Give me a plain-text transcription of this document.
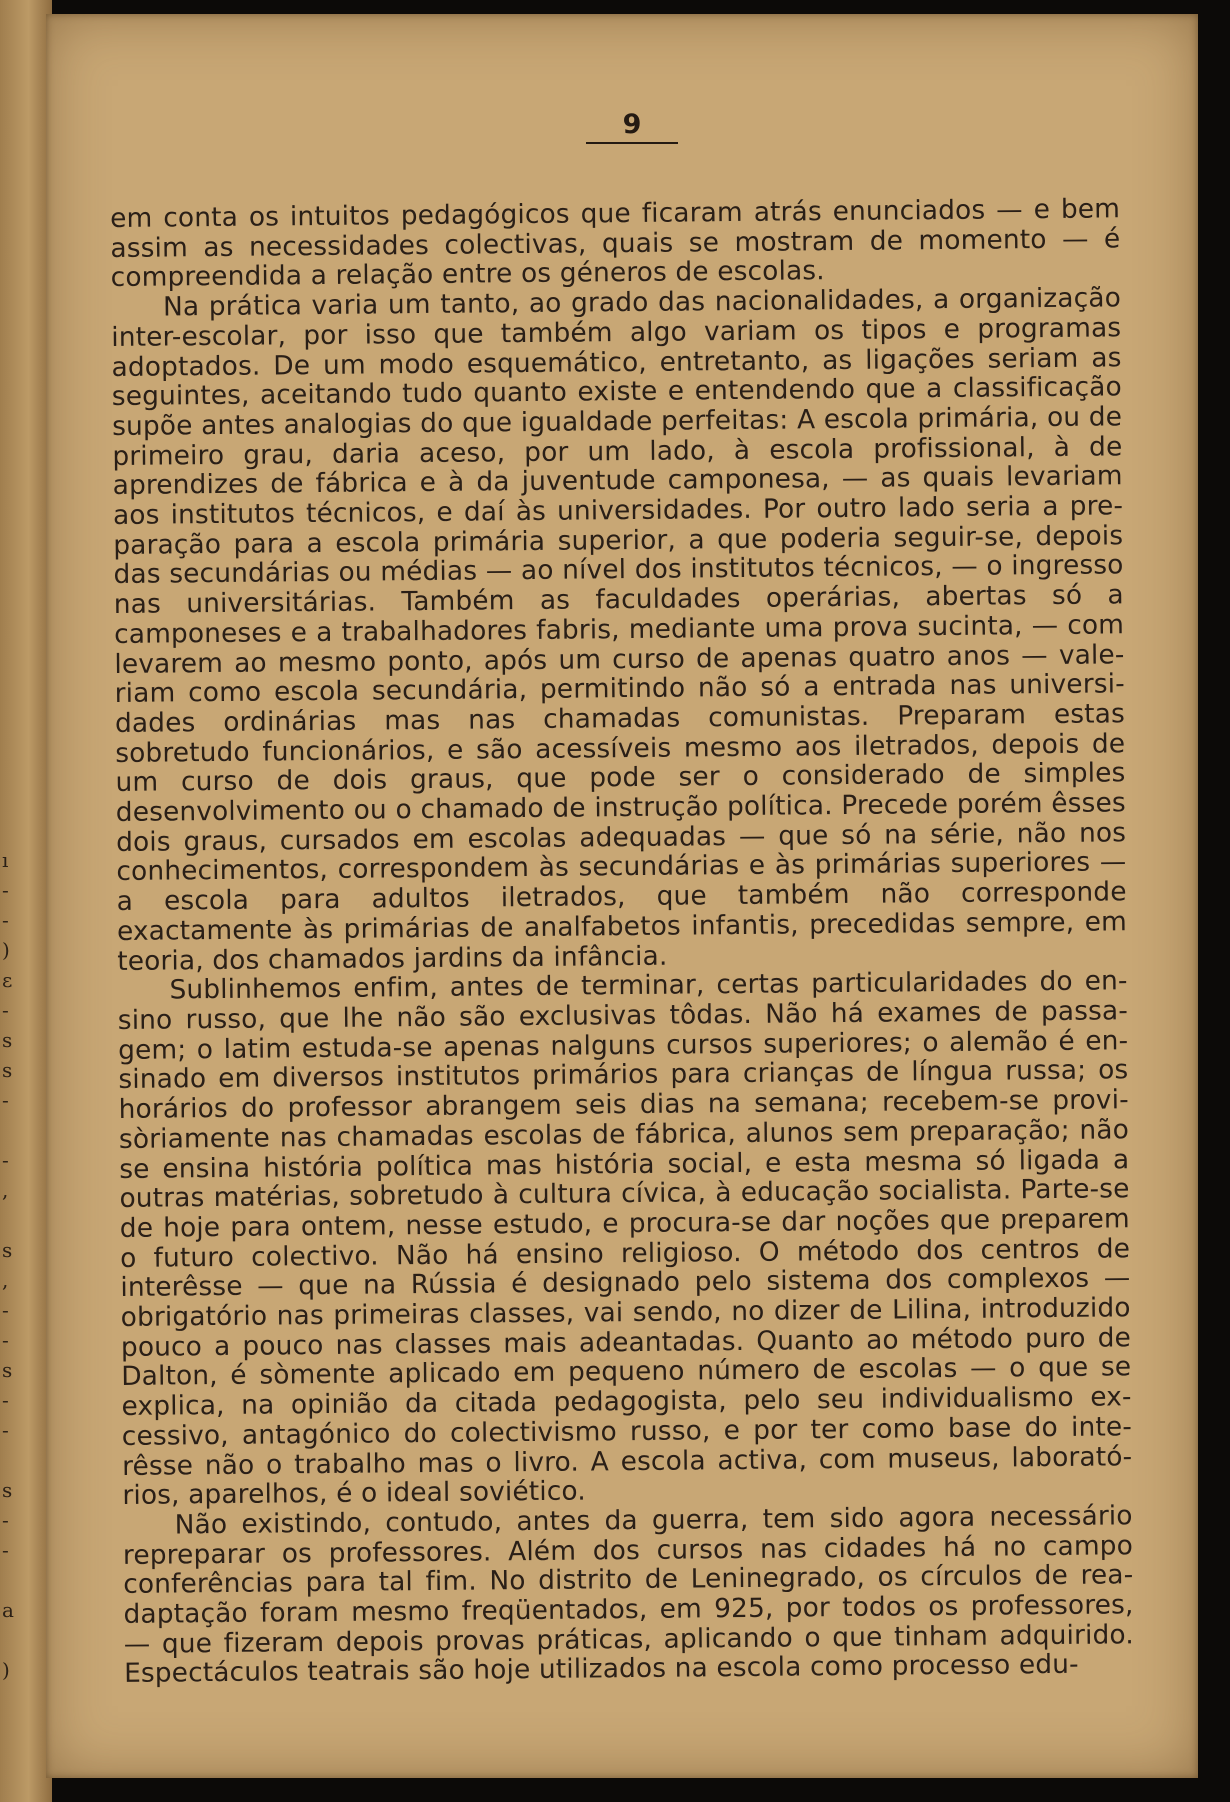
ı
-
-
)
ɛ
-
s
s
-
-
,
s
,
-
-
s
-
-
s
-
-
a
)
9

em conta os intuitos pedagógicos que ficaram atrás enunciados — e bem assim as necessidades colectivas, quais se mostram de momento — é compreendida a relação entre os géneros de escolas.

Na prática varia um tanto, ao grado das nacionalidades, a organização inter-escolar, por isso que também algo variam os tipos e programas adoptados. De um modo esquemático, entretanto, as ligações seriam as seguintes, aceitando tudo quanto existe e entendendo que a classificação supõe antes analogias do que igualdade perfeitas: A escola primária, ou de primeiro grau, daria aceso, por um lado, à escola profissional, à de aprendizes de fábrica e à da juventude camponesa, — as quais levariam aos institutos técnicos, e daí às universidades. Por outro lado seria a preparação para a escola primária superior, a que poderia seguir-se, depois das secundárias ou médias — ao nível dos institutos técnicos, — o ingresso nas universitárias. Também as faculdades operárias, abertas só a camponeses e a trabalhadores fabris, mediante uma prova sucinta, — com levarem ao mesmo ponto, após um curso de apenas quatro anos — valeriam como escola secundária, permitindo não só a entrada nas universidades ordinárias mas nas chamadas comunistas. Preparam estas sobretudo funcionários, e são acessíveis mesmo aos iletrados, depois de um curso de dois graus, que pode ser o considerado de simples desenvolvimento ou o chamado de instrução política. Precede porém êsses dois graus, cursados em escolas adequadas — que só na série, não nos conhecimentos, correspondem às secundárias e às primárias superiores — a escola para adultos iletrados, que também não corresponde exactamente às primárias de analfabetos infantis, precedidas sempre, em teoria, dos chamados jardins da infância.

Sublinhemos enfim, antes de terminar, certas particularidades do ensino russo, que lhe não são exclusivas tôdas. Não há exames de passagem; o latim estuda-se apenas nalguns cursos superiores; o alemão é ensinado em diversos institutos primários para crianças de língua russa; os horários do professor abrangem seis dias na semana; recebem-se provisòriamente nas chamadas escolas de fábrica, alunos sem preparação; não se ensina história política mas história social, e esta mesma só ligada a outras matérias, sobretudo à cultura cívica, à educação socialista. Parte-se de hoje para ontem, nesse estudo, e procura-se dar noções que preparem o futuro colectivo. Não há ensino religioso. O método dos centros de interêsse — que na Rússia é designado pelo sistema dos complexos — obrigatório nas primeiras classes, vai sendo, no dizer de Lilina, introduzido pouco a pouco nas classes mais adeantadas. Quanto ao método puro de Dalton, é sòmente aplicado em pequeno número de escolas — o que se explica, na opinião da citada pedagogista, pelo seu individualismo excessivo, antagónico do colectivismo russo, e por ter como base do interêsse não o trabalho mas o livro. A escola activa, com museus, laboratórios, aparelhos, é o ideal soviético.

Não existindo, contudo, antes da guerra, tem sido agora necessário repreparar os professores. Além dos cursos nas cidades há no campo conferências para tal fim. No distrito de Leninegrado, os círculos de readaptação foram mesmo freqüentados, em 925, por todos os professores, — que fizeram depois provas práticas, aplicando o que tinham adquirido. Espectáculos teatrais são hoje utilizados na escola como processo edu-
